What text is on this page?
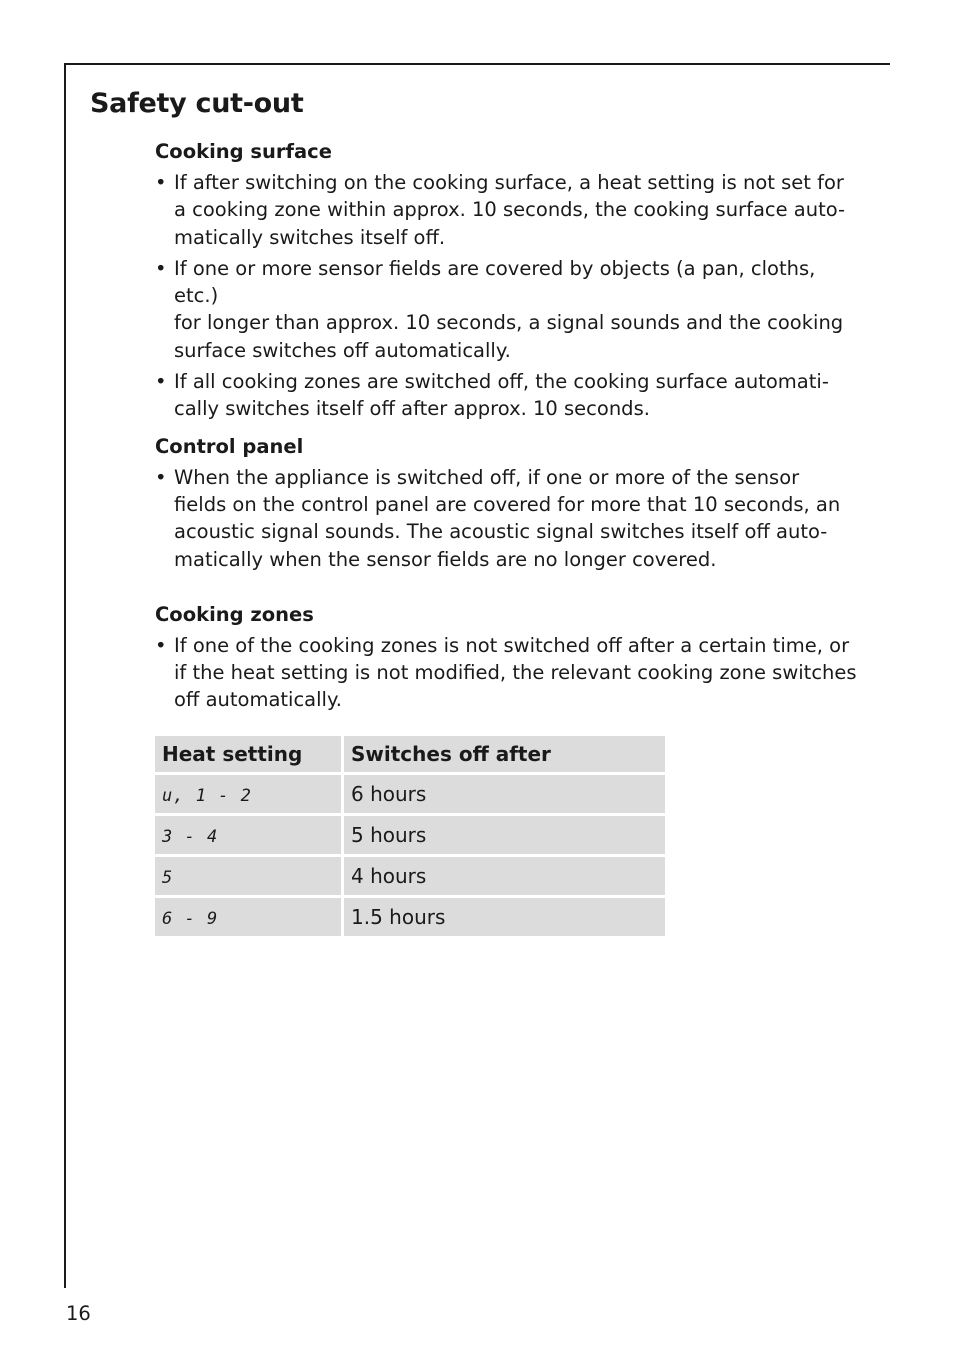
Safety cut-out
Cooking surface
• If after switching on the cooking surface, a heat setting is not set for
a cooking zone within approx. 10 seconds, the cooking surface auto-
matically switches itself off.
• If one or more sensor fields are covered by objects (a pan, cloths, etc.)
for longer than approx. 10 seconds, a signal sounds and the cooking
surface switches off automatically.
• If all cooking zones are switched off, the cooking surface automati-
cally switches itself off after approx. 10 seconds.
Control panel
• When the appliance is switched off, if one or more of the sensor
fields on the control panel are covered for more that 10 seconds, an
acoustic signal sounds. The acoustic signal switches itself off auto-
matically when the sensor fields are no longer covered.
Cooking zones
• If one of the cooking zones is not switched off after a certain time, or
if the heat setting is not modified, the relevant cooking zone switches
off automatically.
Heat setting	Switches off after
u, 1 - 2	6 hours
3 - 4	5 hours
5	4 hours
6 - 9	1.5 hours
16
